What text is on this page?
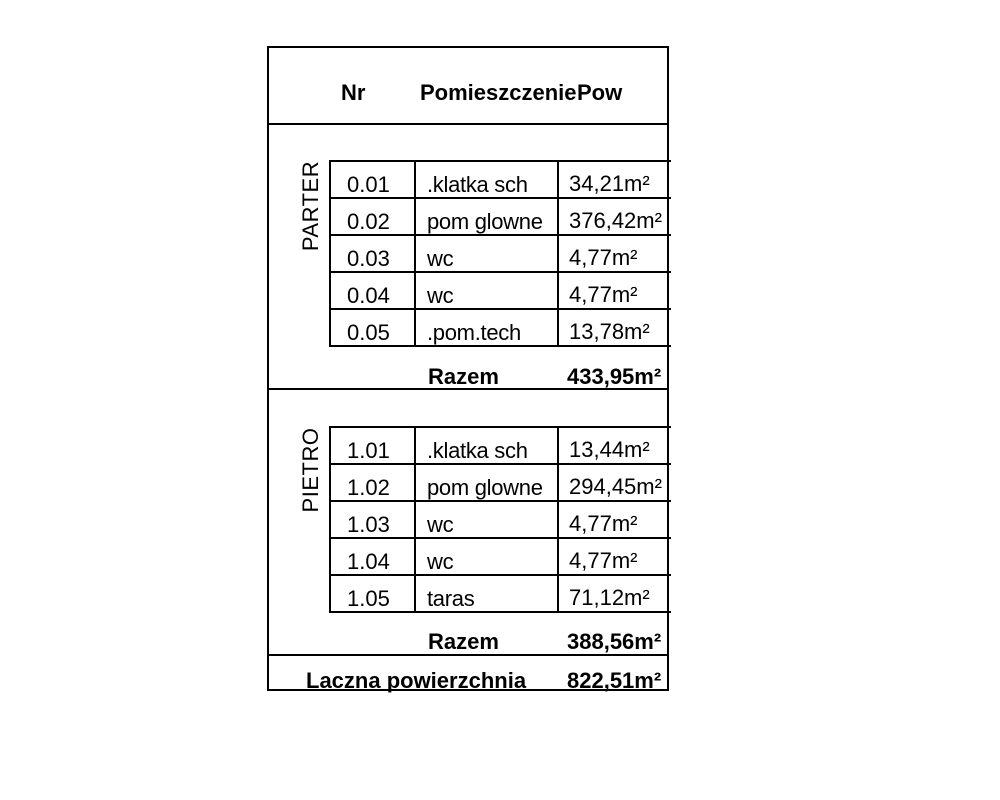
Nr Pomieszczenie Pow
PARTER 0.01 .klatka sch 34,21m²
0.02 pom glowne 376,42m²
0.03 wc	4,77m²
0.04 wc	4,77m²
0.05 .pom.tech 13,78m²
Razem	433,95m²
PIETRO 1.01 .klatka sch 13,44m²
1.02 pom glowne 294,45m²
1.03 wc	4,77m²
1.04 wc	4,77m²
1.05 taras	71,12m²
Razem	388,56m²
Laczna powierzchnia 822,51m²
